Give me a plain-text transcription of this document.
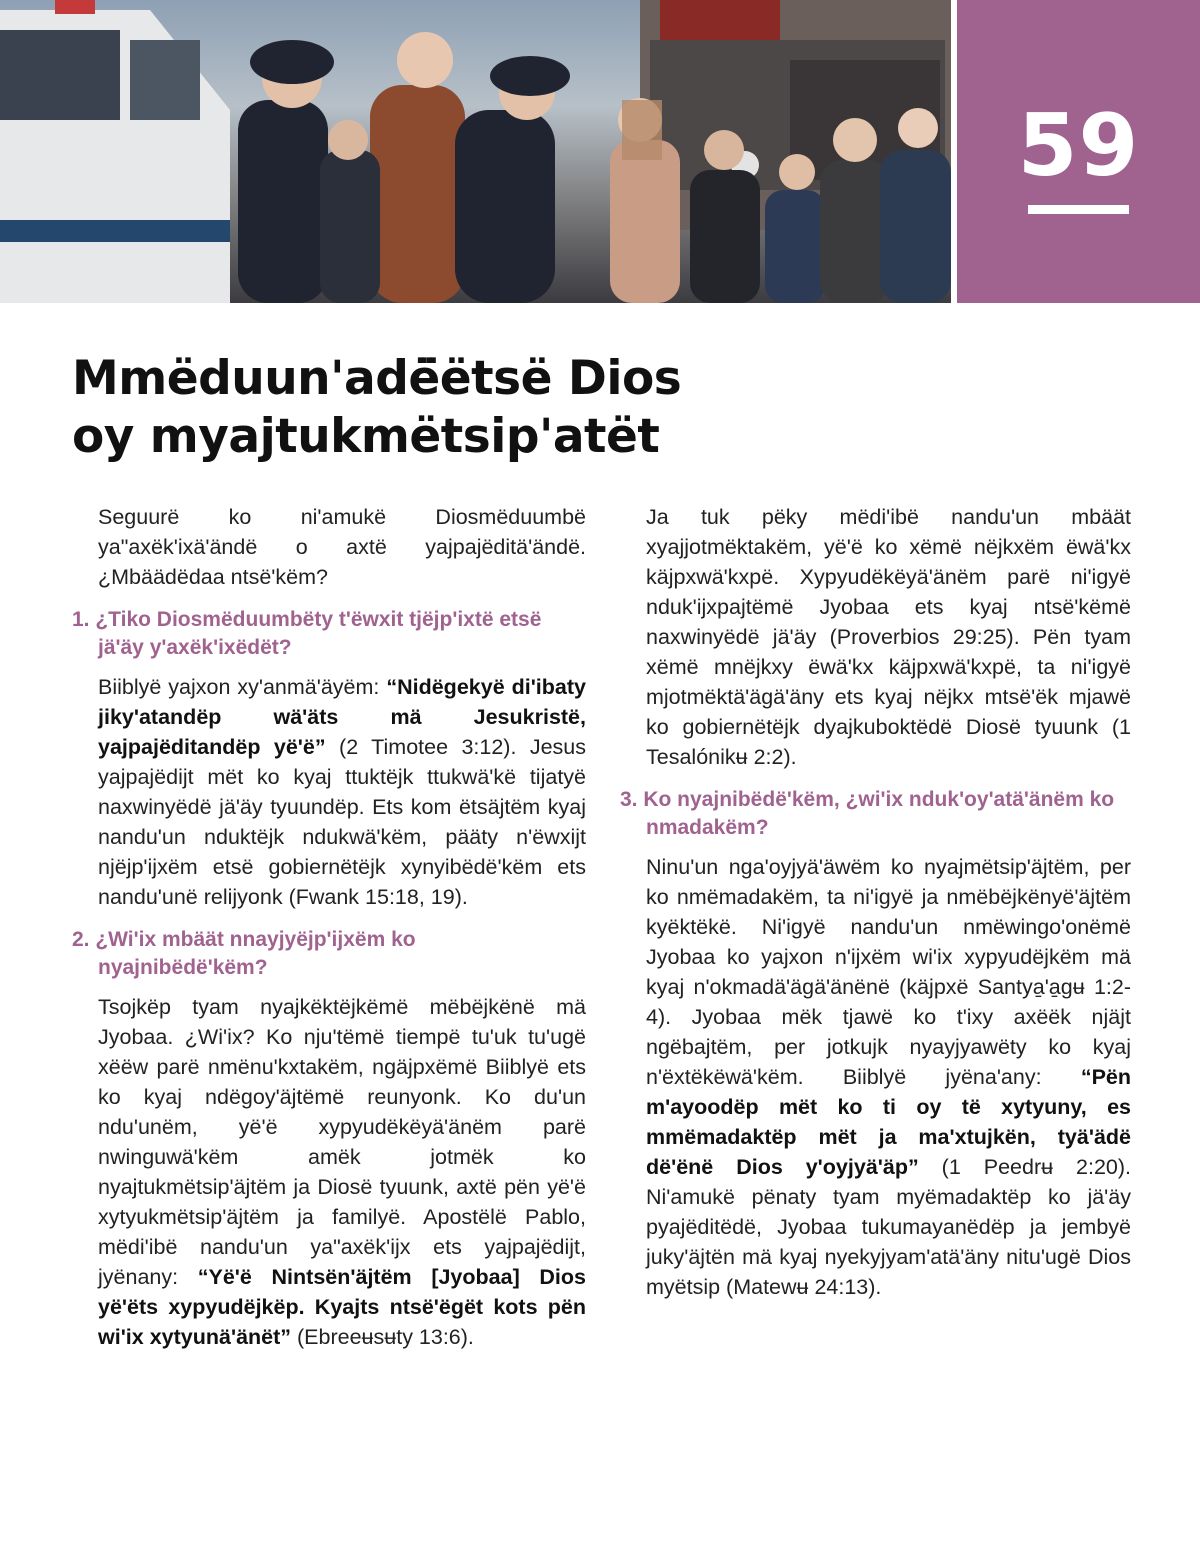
59
Mmëduun'adë̈ëtsë Dios
oy myajtukmëtsip'atët

Seguurë ko ni'amukë Diosmëduumbë ya"axëk'ixä'ändë o axtë yajpajëditä'ändë. ¿Mbäädëdaa ntsë'këm?

1. ¿Tiko Diosmëduumbëty t'ëwxit tjëjp'ixtë etsë jä'äy y'axëk'ixëdët?

Biiblyë yajxon xy'anmä'äyëm: “Nidëgekyë di'ibaty jiky'atandëp wä'äts mä Jesukristë, yajpajëditandëp yë'ë” (2 Timotee 3:12). Jesus yajpajëdijt mët ko kyaj ttuktëjk ttukwä'kë tijatyë naxwinyëdë jä'äy tyuundëp. Ets kom ëtsäjtëm kyaj nandu'un nduktëjk ndukwä'këm, pääty n'ëwxijt njëjp'ijxëm etsë gobiernëtëjk xynyibëdë'këm ets nandu'unë relijyonk (Fwank 15:18, 19).

2. ¿Wi'ix mbäät nnayjyëjp'ijxëm ko nyajnibëdë'këm?

Tsojkëp tyam nyajkëktëjkëmë mëbëjkënë mä Jyobaa. ¿Wi'ix? Ko nju'tëmë tiempë tu'uk tu'ugë xëëw parë nmënu'kxtakëm, ngäjpxëmë Biiblyë ets ko kyaj ndëgoy'äjtëmë reunyonk. Ko du'un ndu'unëm, yë'ë xypyudëkëyä'änëm parë nwinguwä'këm amëk jotmëk ko nyajtukmëtsip'äjtëm ja Diosë tyuunk, axtë pën yë'ë xytyukmëtsip'äjtëm ja familyë. Apostëlë Pablo, mëdi'ibë nandu'un ya"axëk'ijx ets yajpajëdijt, jyënany: “Yë'ë Nintsën'äjtëm [Jyobaa] Dios yë'ëts xypyudëjkëp. Kyajts ntsë'ëgët kots pën wi'ix xytyunä'änët” (Ebreeʉsʉty 13:6).

Ja tuk pëky mëdi'ibë nandu'un mbäät xyajjotmëktakëm, yë'ë ko xëmë nëjkxëm ëwä'kx käjpxwä'kxpë. Xypyudëkëyä'änëm parë ni'igyë nduk'ijxpajtëmë Jyobaa ets kyaj ntsë'këmë naxwinyëdë jä'äy (Proverbios 29:25). Pën tyam xëmë mnëjkxy ëwä'kx käjpxwä'kxpë, ta ni'igyë mjotmëktä'ägä'äny ets kyaj nëjkx mtsë'ëk mjawë ko gobiernëtëjk dyajkuboktëdë Diosë tyuunk (1 Tesalónikʉ 2:2).

3. Ko nyajnibëdë'këm, ¿wi'ix nduk'oy'atä'änëm ko nmadakëm?

Ninu'un nga'oyjyä'äwëm ko nyajmëtsip'äjtëm, per ko nmëmadakëm, ta ni'igyë ja nmëbëjkënyë'äjtëm kyëktëkë. Ni'igyë nandu'un nmëwingo'onëmë Jyobaa ko yajxon n'ijxëm wi'ix xypyudëjkëm mä kyaj n'okmadä'ägä'änënë (käjpxë Santya̱'a̱gʉ 1:2-4). Jyobaa mëk tjawë ko t'ixy axëëk njäjt ngëbajtëm, per jotkujk nyayjyawëty ko kyaj n'ëxtëkëwä'këm. Biiblyë jyëna'any: “Pën m'ayoodëp mët ko ti oy të xytyuny, es mmëmadaktëp mët ja ma'xtujkën, tyä'ädë dë'ënë Dios y'oyjyä'äp” (1 Peedrʉ 2:20). Ni'amukë pënaty tyam myëmadaktëp ko jä'äy pyajëditëdë, Jyobaa tukumayanëdëp ja jembyë juky'äjtën mä kyaj nyekyjyam'atä'äny nitu'ugë Dios myëtsip (Matewʉ 24:13).
